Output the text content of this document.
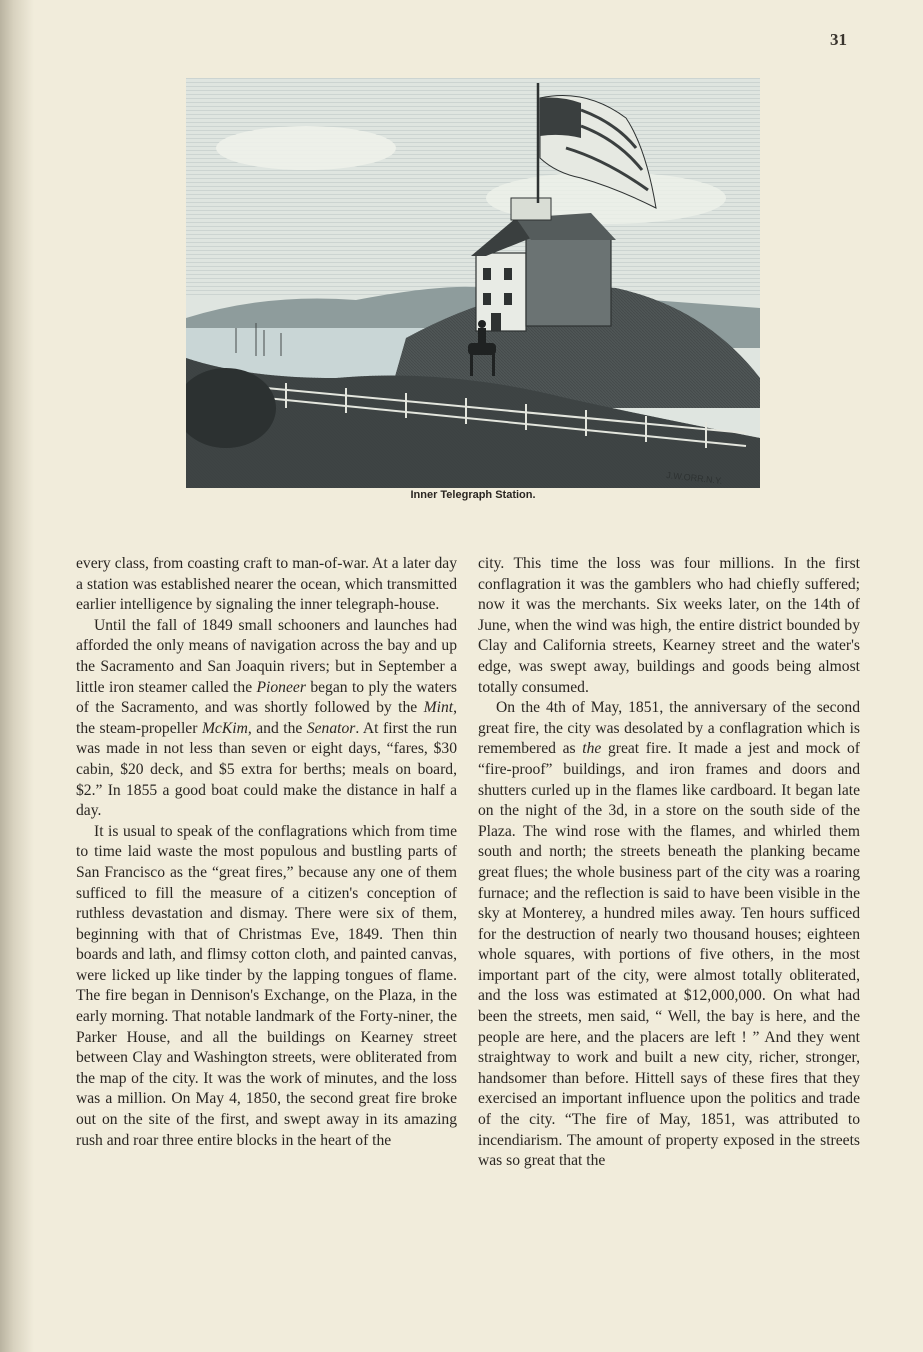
31
J.W.ORR.N.Y.
Inner Telegraph Station.

every class, from coasting craft to man-of-war. At a later day a station was established nearer the ocean, which transmitted earlier intelligence by signaling the inner telegraph-house.

Until the fall of 1849 small schooners and launches had afforded the only means of navigation across the bay and up the Sacramento and San Joaquin rivers; but in September a little iron steamer called the Pioneer began to ply the waters of the Sacramento, and was shortly followed by the Mint, the steam-propeller McKim, and the Senator. At first the run was made in not less than seven or eight days, “fares, $30 cabin, $20 deck, and $5 extra for berths; meals on board, $2.” In 1855 a good boat could make the distance in half a day.

It is usual to speak of the conflagrations which from time to time laid waste the most populous and bustling parts of San Francisco as the “great fires,” because any one of them sufficed to fill the measure of a citizen's conception of ruthless devastation and dismay. There were six of them, beginning with that of Christmas Eve, 1849. Then thin boards and lath, and flimsy cotton cloth, and painted canvas, were licked up like tinder by the lapping tongues of flame. The fire began in Dennison's Exchange, on the Plaza, in the early morning. That notable landmark of the Forty-niner, the Parker House, and all the buildings on Kearney street between Clay and Washington streets, were obliterated from the map of the city. It was the work of minutes, and the loss was a million. On May 4, 1850, the second great fire broke out on the site of the first, and swept away in its amazing rush and roar three entire blocks in the heart of the

city. This time the loss was four millions. In the first conflagration it was the gamblers who had chiefly suffered; now it was the merchants. Six weeks later, on the 14th of June, when the wind was high, the entire district bounded by Clay and California streets, Kearney street and the water's edge, was swept away, buildings and goods being almost totally consumed.

On the 4th of May, 1851, the anniversary of the second great fire, the city was desolated by a conflagration which is remembered as the great fire. It made a jest and mock of “fire-proof” buildings, and iron frames and doors and shutters curled up in the flames like cardboard. It began late on the night of the 3d, in a store on the south side of the Plaza. The wind rose with the flames, and whirled them south and north; the streets beneath the planking became great flues; the whole business part of the city was a roaring furnace; and the reflection is said to have been visible in the sky at Monterey, a hundred miles away. Ten hours sufficed for the destruction of nearly two thousand houses; eighteen whole squares, with portions of five others, in the most important part of the city, were almost totally obliterated, and the loss was estimated at $12,000,000. On what had been the streets, men said, “ Well, the bay is here, and the people are here, and the placers are left ! ” And they went straightway to work and built a new city, richer, stronger, handsomer than before. Hittell says of these fires that they exercised an important influence upon the politics and trade of the city. “The fire of May, 1851, was attributed to incendiarism. The amount of property exposed in the streets was so great that the
